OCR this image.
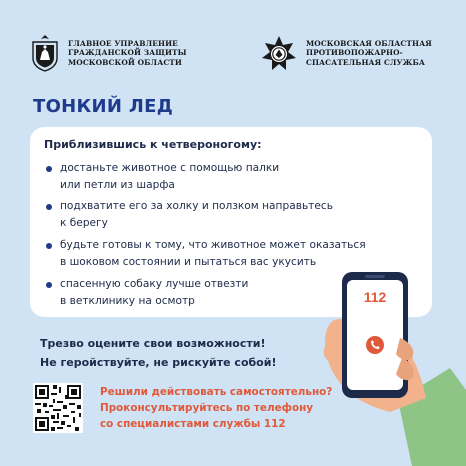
ГЛАВНОЕ УПРАВЛЕНИЕ
ГРАЖДАНСКОЙ ЗАЩИТЫ
МОСКОВСКОЙ ОБЛАСТИ
МОСКОВСКАЯ ОБЛАСТНАЯ
ПРОТИВОПОЖАРНО-
СПАСАТЕЛЬНАЯ СЛУЖБА
ТОНКИЙ ЛЕД
Приблизившись к четвероногому:
достаньте животное с помощью палки
или петли из шарфа
подхватите его за холку и ползком направьтесь
к берегу
будьте готовы к тому, что животное может оказаться
в шоковом состоянии и пытаться вас укусить
спасенную собаку лучше отвезти
в ветклинику на осмотр	112
Трезво оцените свои возможности!
Не геройствуйте, не рискуйте собой!
Решили действовать самостоятельно?
Проконсультируйтесь по телефону
со специалистами службы 112
